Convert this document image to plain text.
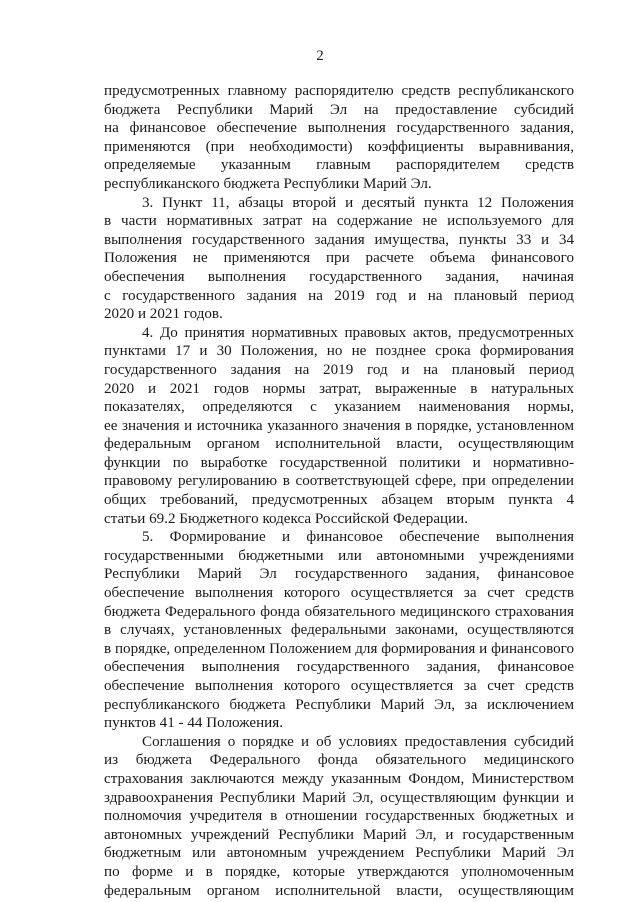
2
предусмотренных главному распорядителю средств республиканского
бюджета Республики Марий Эл на предоставление субсидий
на финансовое обеспечение выполнения государственного задания,
применяются (при необходимости) коэффициенты выравнивания,
определяемые указанным главным распорядителем средств
республиканского бюджета Республики Марий Эл.
3. Пункт 11, абзацы второй и десятый пункта 12 Положения
в части нормативных затрат на содержание не используемого для
выполнения государственного задания имущества, пункты 33 и 34
Положения не применяются при расчете объема финансового
обеспечения выполнения государственного задания, начиная
с государственного задания на 2019 год и на плановый период
2020 и 2021 годов.
4. До принятия нормативных правовых актов, предусмотренных
пунктами 17 и 30 Положения, но не позднее срока формирования
государственного задания на 2019 год и на плановый период
2020 и 2021 годов нормы затрат, выраженные в натуральных
показателях, определяются с указанием наименования нормы,
ее значения и источника указанного значения в порядке, установленном
федеральным органом исполнительной власти, осуществляющим
функции по выработке государственной политики и нормативно-
правовому регулированию в соответствующей сфере, при определении
общих требований, предусмотренных абзацем вторым пункта 4
статьи 69.2 Бюджетного кодекса Российской Федерации.
5. Формирование и финансовое обеспечение выполнения
государственными бюджетными или автономными учреждениями
Республики Марий Эл государственного задания, финансовое
обеспечение выполнения которого осуществляется за счет средств
бюджета Федерального фонда обязательного медицинского страхования
в случаях, установленных федеральными законами, осуществляются
в порядке, определенном Положением для формирования и финансового
обеспечения выполнения государственного задания, финансовое
обеспечение выполнения которого осуществляется за счет средств
республиканского бюджета Республики Марий Эл, за исключением
пунктов 41 - 44 Положения.
Соглашения о порядке и об условиях предоставления субсидий
из бюджета Федерального фонда обязательного медицинского
страхования заключаются между указанным Фондом, Министерством
здравоохранения Республики Марий Эл, осуществляющим функции и
полномочия учредителя в отношении государственных бюджетных и
автономных учреждений Республики Марий Эл, и государственным
бюджетным или автономным учреждением Республики Марий Эл
по форме и в порядке, которые утверждаются уполномоченным
федеральным органом исполнительной власти, осуществляющим
